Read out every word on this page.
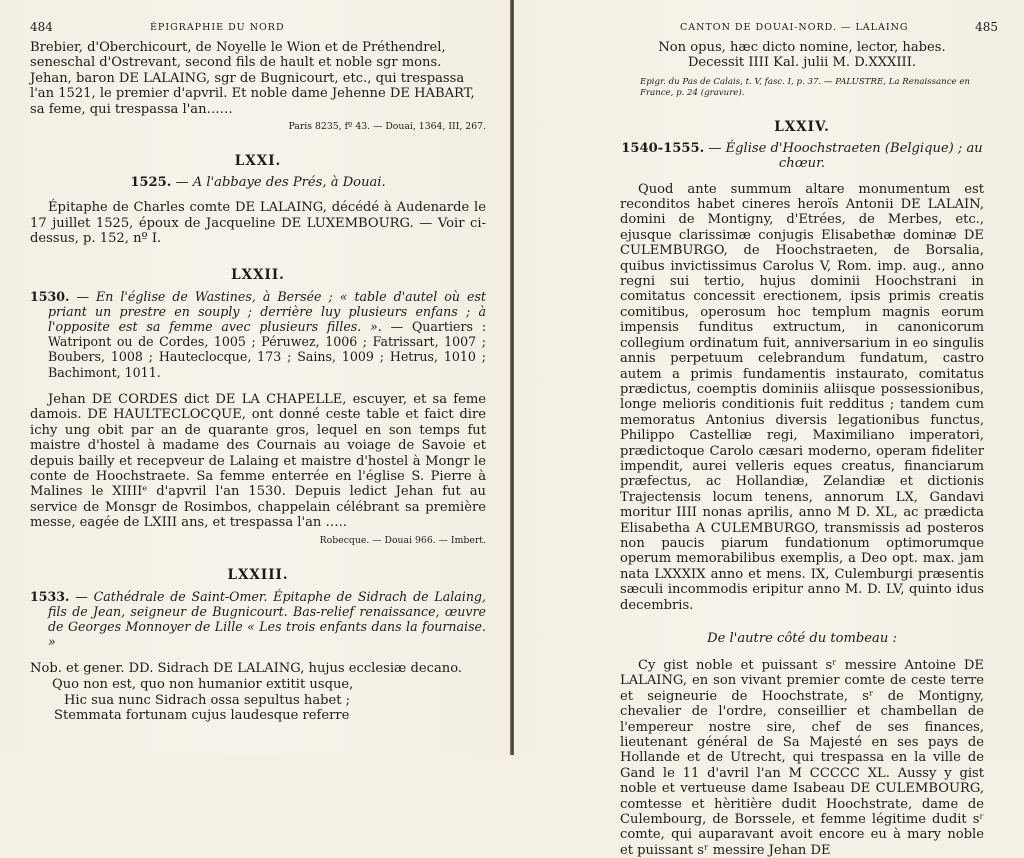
484	ÉPIGRAPHIE DU NORD

Brebier, d'Oberchicourt, de Noyelle le Wion et de Préthendrel,

seneschal d'Ostrevant, second fils de hault et noble sgr mons.

Jehan, baron DE LALAING, sgr de Bugnicourt, etc., qui trespassa

l'an 1521, le premier d'apvril. Et noble dame Jehenne DE HABART,

sa feme, qui trespassa l'an……

Paris 8235, fº 43. — Douai, 1364, III, 267.
LXXI.
1525. — A l'abbaye des Prés, à Douai.

Épitaphe de Charles comte DE LALAING, décédé à Audenarde le 17 juillet 1525, époux de Jacqueline DE LUXEMBOURG. — Voir ci-dessus, p. 152, nº I.

LXXII.
1530. — En l'église de Wastines, à Bersée ; « table d'autel où est priant un prestre en souply ; derrière luy plusieurs enfans ; à l'opposite est sa femme avec plusieurs filles. ». — Quartiers : Watripont ou de Cordes, 1005 ; Péruwez, 1006 ; Fatrissart, 1007 ; Boubers, 1008 ; Hauteclocque, 173 ; Sains, 1009 ; Hetrus, 1010 ; Bachimont, 1011.

Jehan DE CORDES dict DE LA CHAPELLE, escuyer, et sa feme damois. DE HAULTECLOCQUE, ont donné ceste table et faict dire ichy ung obit par an de quarante gros, lequel en son temps fut maistre d'hostel à madame des Cournais au voiage de Savoie et depuis bailly et recepveur de Lalaing et maistre d'hostel à Mongr le conte de Hoochstraete. Sa femme enterrée en l'église S. Pierre à Malines le XIIIIᵉ d'apvril l'an 1530. Depuis ledict Jehan fut au service de Monsgr de Rosimbos, chappelain célébrant sa première messe, eagée de LXIII ans, et trespassa l'an …..

Robecque. — Douai 966. — Imbert.
LXXIII.
1533. — Cathédrale de Saint-Omer. Épitaphe de Sidrach de Lalaing, fils de Jean, seigneur de Bugnicourt. Bas-relief renaissance, œuvre de Georges Monnoyer de Lille « Les trois enfants dans la fournaise. »
Nob. et gener. DD. Sidrach DE LALAING, hujus ecclesiæ decano.
Quo non est, quo non humanior extitit usque,
Hic sua nunc Sidrach ossa sepultus habet ;
Stemmata fortunam cujus laudesque referre
CANTON DE DOUAI-NORD. — LALAING	485
Non opus, hæc dicto nomine, lector, habes.
Decessit IIII Kal. julii M. D.XXXIII.
Epigr. du Pas de Calais, t. V, fasc. I, p. 37. — PALUSTRE, La Renaissance en France, p. 24 (gravure).
LXXIV.
1540-1555. — Église d'Hoochstraeten (Belgique) ; au chœur.

Quod ante summum altare monumentum est reconditos habet cineres heroïs Antonii DE LALAIN, domini de Montigny, d'Etrées, de Merbes, etc., ejusque clarissimæ conjugis Elisabethæ dominæ DE CULEMBURGO, de Hoochstraeten, de Borsalia, quibus invictissimus Carolus V, Rom. imp. aug., anno regni sui tertio, hujus dominii Hoochstrani in comitatus concessit erectionem, ipsis primis creatis comitibus, operosum hoc templum magnis eorum impensis funditus extructum, in canonicorum collegium ordinatum fuit, anniversarium in eo singulis annis perpetuum celebrandum fundatum, castro autem a primis fundamentis instaurato, comitatus prædictus, coemptis dominiis aliisque possessionibus, longe melioris conditionis fuit redditus ; tandem cum memoratus Antonius diversis legationibus functus, Philippo Castelliæ regi, Maximiliano imperatori, prædictoque Carolo cæsari moderno, operam fideliter impendit, aurei velleris eques creatus, financiarum præfectus, ac Hollandiæ, Zelandiæ et dictionis Trajectensis locum tenens, annorum LX, Gandavi moritur IIII nonas aprilis, anno M D. XL, ac prædicta Elisabetha A CULEMBURGO, transmissis ad posteros non paucis piarum fundationum optimorumque operum memorabilibus exemplis, a Deo opt. max. jam nata LXXXIX anno et mens. IX, Culemburgi præsentis sæculi incommodis eripitur anno M. D. LV, quinto idus decembris.

De l'autre côté du tombeau :

Cy gist noble et puissant sʳ messire Antoine DE LALAING, en son vivant premier comte de ceste terre et seigneurie de Hoochstrate, sʳ de Montigny, chevalier de l'ordre, conseillier et chambellan de l'empereur nostre sire, chef de ses finances, lieutenant général de Sa Majesté en ses pays de Hollande et de Utrecht, qui trespassa en la ville de Gand le 11 d'avril l'an M CCCCC XL. Aussy y gist noble et vertueuse dame Isabeau DE CULEMBOURG, comtesse et hèritière dudit Hoochstrate, dame de Culembourg, de Borssele, et femme légitime dudit sʳ comte, qui auparavant avoit encore eu à mary noble et puissant sʳ messire Jehan DE
